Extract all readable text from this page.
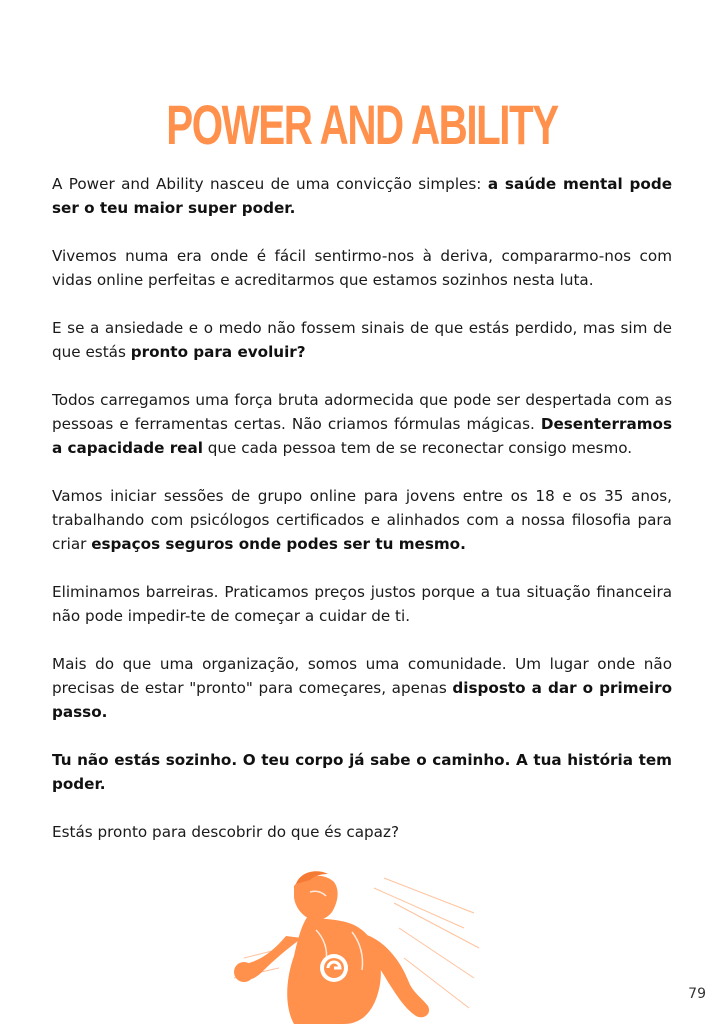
POWER AND ABILITY

A Power and Ability nasceu de uma convicção simples: a saúde mental pode ser o teu maior super poder.

Vivemos numa era onde é fácil sentirmo-nos à deriva, compararmo-nos com vidas online perfeitas e acreditarmos que estamos sozinhos nesta luta.

E se a ansiedade e o medo não fossem sinais de que estás perdido, mas sim de que estás pronto para evoluir?

Todos carregamos uma força bruta adormecida que pode ser despertada com as pessoas e ferramentas certas. Não criamos fórmulas mágicas. Desenterramos a capacidade real que cada pessoa tem de se reconectar consigo mesmo.

Vamos iniciar sessões de grupo online para jovens entre os 18 e os 35 anos, trabalhando com psicólogos certificados e alinhados com a nossa filosofia para criar espaços seguros onde podes ser tu mesmo.

Eliminamos barreiras. Praticamos preços justos porque a tua situação financeira não pode impedir-te de começar a cuidar de ti.

Mais do que uma organização, somos uma comunidade. Um lugar onde não precisas de estar "pronto" para começares, apenas disposto a dar o primeiro passo.

Tu não estás sozinho. O teu corpo já sabe o caminho. A tua história tem poder.

Estás pronto para descobrir do que és capaz?

79
